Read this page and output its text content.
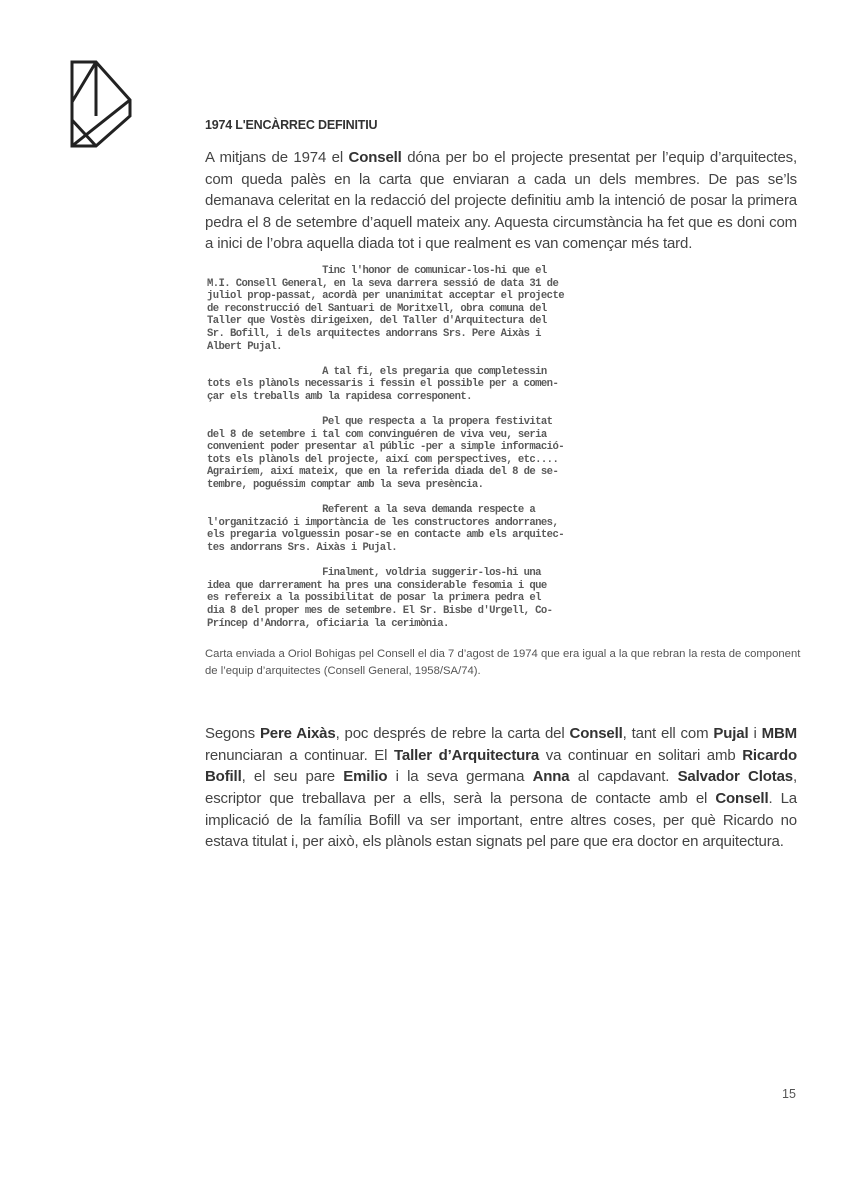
1974 L'ENCÀRREC DEFINITIU
A mitjans de 1974 el Consell dóna per bo el projecte presentat per l’equip d’arquitectes, com queda palès en la carta que enviaran a cada un dels membres. De pas se’ls demanava celeritat en la redacció del projecte definitiu amb la intenció de posar la primera pedra el 8 de setembre d’aquell mateix any. Aquesta circumstància ha fet que es doni com a inici de l’obra aquella diada tot i que realment es van començar més tard.
Tinc l'honor de comunicar-los-hi que el
M.I. Consell General, en la seva darrera sessió de data 31 de
juliol prop-passat, acordà per unanimitat acceptar el projecte
de reconstrucció del Santuari de Moritxell, obra comuna del
Taller que Vostès dirigeixen, del Taller d'Arquitectura del
Sr. Bofill, i dels arquitectes andorrans Srs. Pere Aixàs i
Albert Pujal.
A tal fi, els pregaria que completessin
tots els plànols necessaris i fessin el possible per a comen-
çar els treballs amb la rapidesa corresponent.
Pel que respecta a la propera festivitat
del 8 de setembre i tal com convinguéren de viva veu, seria
convenient poder presentar al públic -per a simple informació-
tots els plànols del projecte, així com perspectives, etc....
Agrairíem, així mateix, que en la referida diada del 8 de se-
tembre, poguéssim comptar amb la seva presència.
Referent a la seva demanda respecte a
l'organització i importància de les constructores andorranes,
els pregaria volguessin posar-se en contacte amb els arquitec-
tes andorrans Srs. Aixàs i Pujal.
Finalment, voldria suggerir-los-hi una
idea que darrerament ha pres una considerable fesomia i que
es refereix a la possibilitat de posar la primera pedra el
dia 8 del proper mes de setembre. El Sr. Bisbe d'Urgell, Co-
Príncep d'Andorra, oficiaria la cerimònia.
Carta enviada a Oriol Bohigas pel Consell el dia 7 d’agost de 1974 que era igual a la que rebran la resta de component de l’equip d’arquitectes (Consell General, 1958/SA/74).
Segons Pere Aixàs, poc després de rebre la carta del Consell, tant ell com Pujal i MBM renunciaran a continuar. El Taller d’Arquitectura va continuar en solitari amb Ricardo Bofill, el seu pare Emilio i la seva germana Anna al capdavant. Salvador Clotas, escriptor que treballava per a ells, serà la persona de contacte amb el Consell. La implicació de la família Bofill va ser important, entre altres coses, per què Ricardo no estava titulat i, per això, els plànols estan signats pel pare que era doctor en arquitectura.
15
